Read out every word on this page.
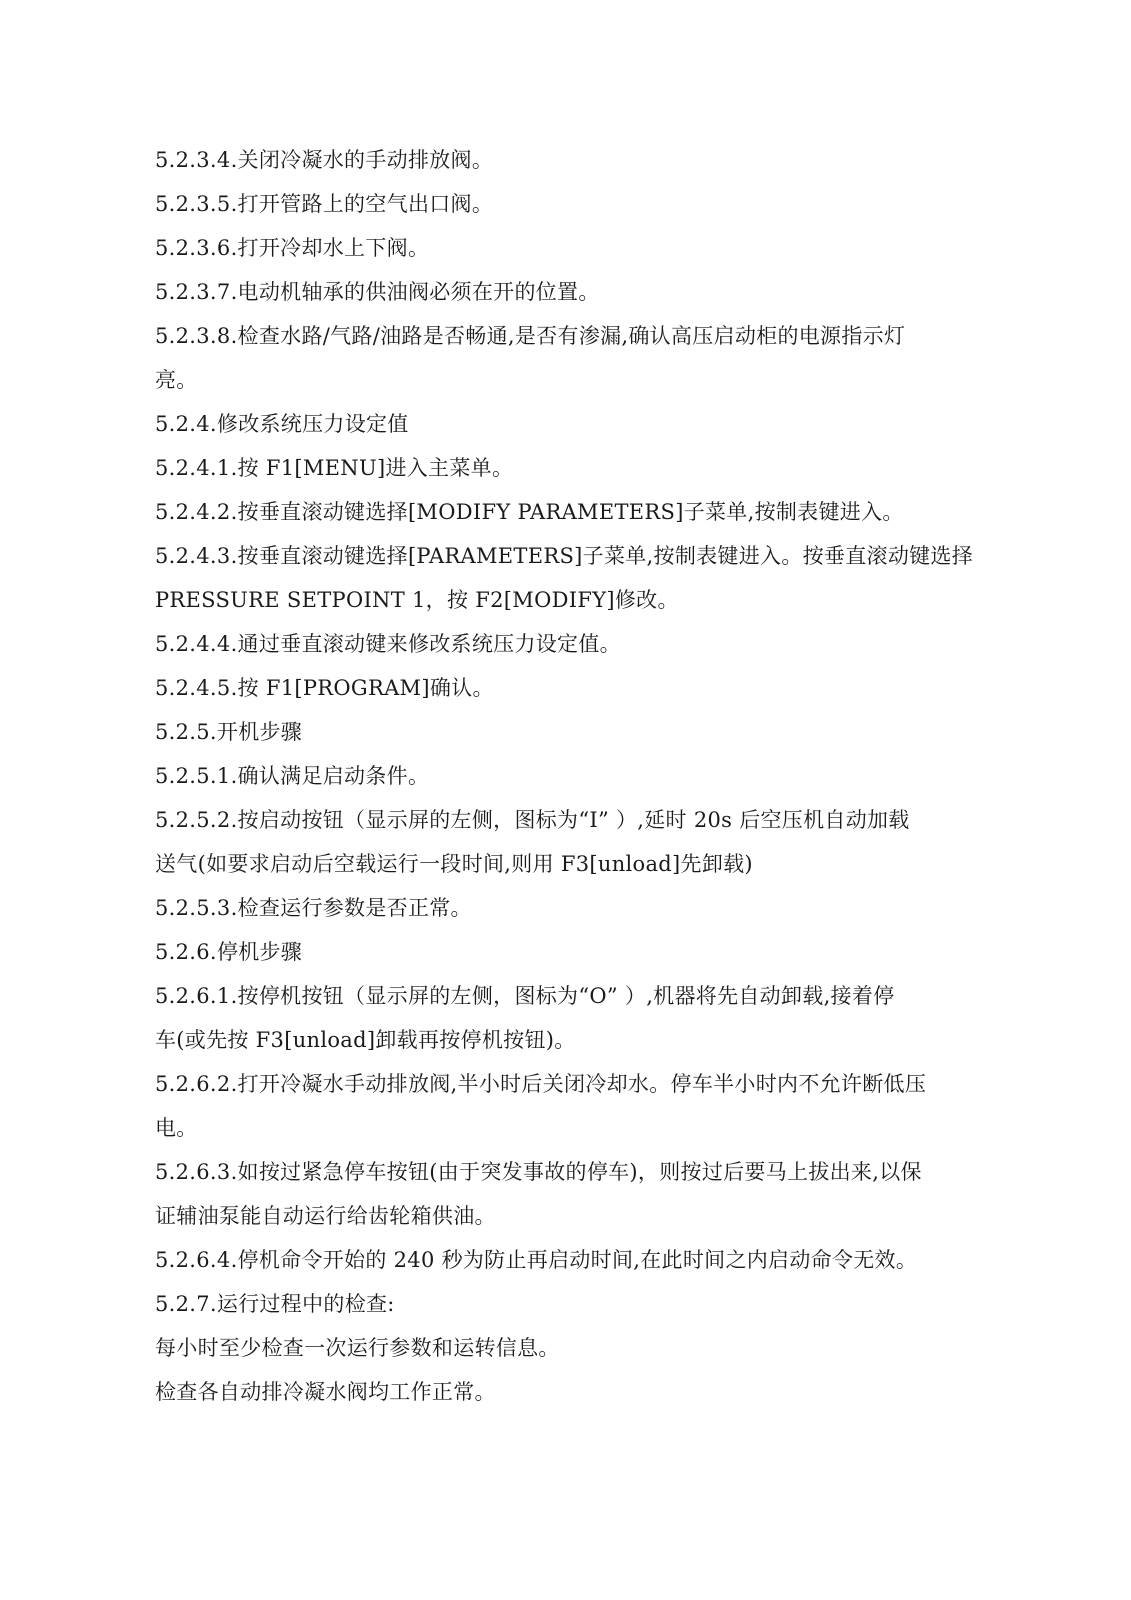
5.2.3.4.关闭冷凝水的手动排放阀。
5.2.3.5.打开管路上的空气出口阀。
5.2.3.6.打开冷却水上下阀。
5.2.3.7.电动机轴承的供油阀必须在开的位置。
5.2.3.8.检查水路/气路/油路是否畅通,是否有渗漏,确认高压启动柜的电源指示灯
亮。
5.2.4.修改系统压力设定值
5.2.4.1.按 F1[MENU]进入主菜单。
5.2.4.2.按垂直滚动键选择[MODIFY PARAMETERS]子菜单,按制表键进入。
5.2.4.3.按垂直滚动键选择[PARAMETERS]子菜单,按制表键进入。按垂直滚动键选择
PRESSURE SETPOINT 1，按 F2[MODIFY]修改。
5.2.4.4.通过垂直滚动键来修改系统压力设定值。
5.2.4.5.按 F1[PROGRAM]确认。
5.2.5.开机步骤
5.2.5.1.确认满足启动条件。
5.2.5.2.按启动按钮（显示屏的左侧，图标为“I” ）,延时 20s 后空压机自动加载
送气(如要求启动后空载运行一段时间,则用 F3[unload]先卸载)
5.2.5.3.检查运行参数是否正常。
5.2.6.停机步骤
5.2.6.1.按停机按钮（显示屏的左侧，图标为“O” ）,机器将先自动卸载,接着停
车(或先按 F3[unload]卸载再按停机按钮)。
5.2.6.2.打开冷凝水手动排放阀,半小时后关闭冷却水。停车半小时内不允许断低压
电。
5.2.6.3.如按过紧急停车按钮(由于突发事故的停车)，则按过后要马上拔出来,以保
证辅油泵能自动运行给齿轮箱供油。
5.2.6.4.停机命令开始的 240 秒为防止再启动时间,在此时间之内启动命令无效。
5.2.7.运行过程中的检查:
每小时至少检查一次运行参数和运转信息。
检查各自动排冷凝水阀均工作正常。
